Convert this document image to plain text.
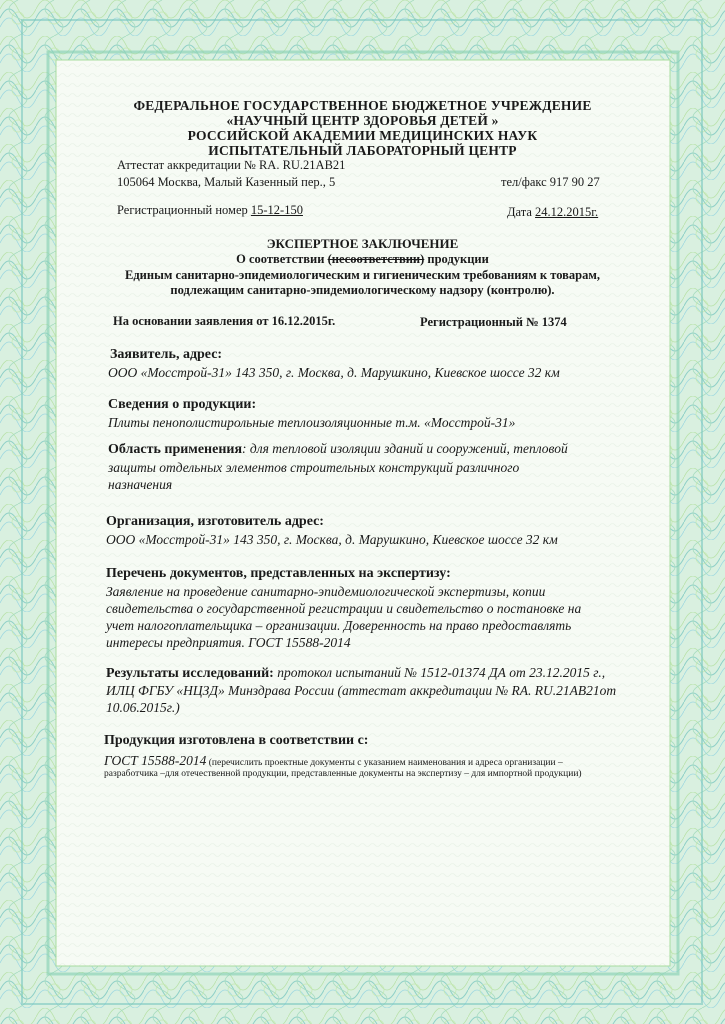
ФЕДЕРАЛЬНОЕ ГОСУДАРСТВЕННОЕ БЮДЖЕТНОЕ УЧРЕЖДЕНИЕ
«НАУЧНЫЙ ЦЕНТР ЗДОРОВЬЯ ДЕТЕЙ »
РОССИЙСКОЙ АКАДЕМИИ МЕДИЦИНСКИХ НАУК
ИСПЫТАТЕЛЬНЫЙ ЛАБОРАТОРНЫЙ ЦЕНТР
Аттестат аккредитации № RA. RU.21АВ21
105064 Москва, Малый Казенный пер., 5	тел/факс 917 90 27
Регистрационный номер 15-12-150	Дата 24.12.2015г.
ЭКСПЕРТНОЕ ЗАКЛЮЧЕНИЕ
О соответствии (несоответствии) продукции
Единым санитарно-эпидемиологическим и гигиеническим требованиям к товарам,
подлежащим санитарно-эпидемиологическому надзору (контролю).
На основании заявления от 16.12.2015г.	Регистрационный № 1374
Заявитель, адрес:
ООО «Мосстрой-31» 143 350, г. Москва, д. Марушкино, Киевское шоссе 32 км
Сведения о продукции:
Плиты пенополистирольные теплоизоляционные т.м. «Мосстрой-31»
Область применения: для тепловой изоляции зданий и сооружений, тепловой
защиты отдельных элементов строительных конструкций различного
назначения
Организация, изготовитель адрес:
ООО «Мосстрой-31» 143 350, г. Москва, д. Марушкино, Киевское шоссе 32 км
Перечень документов, представленных на экспертизу:
Заявление на проведение санитарно-эпидемиологической экспертизы, копии
свидетельства о государственной регистрации и свидетельство о постановке на
учет налогоплательщика – организации. Доверенность на право предоставлять
интересы предприятия. ГОСТ 15588-2014
Результаты исследований: протокол испытаний № 1512-01374 ДА от 23.12.2015 г.,
ИЛЦ ФГБУ «НЦЗД» Минздрава России (аттестат аккредитации № RA. RU.21АВ21от
10.06.2015г.)
Продукция изготовлена в соответствии с:
ГОСТ 15588-2014 (перечислить проектные документы с указанием наименования и адреса организации –
разработчика –для отечественной продукции, представленные документы на экспертизу – для импортной продукции)
